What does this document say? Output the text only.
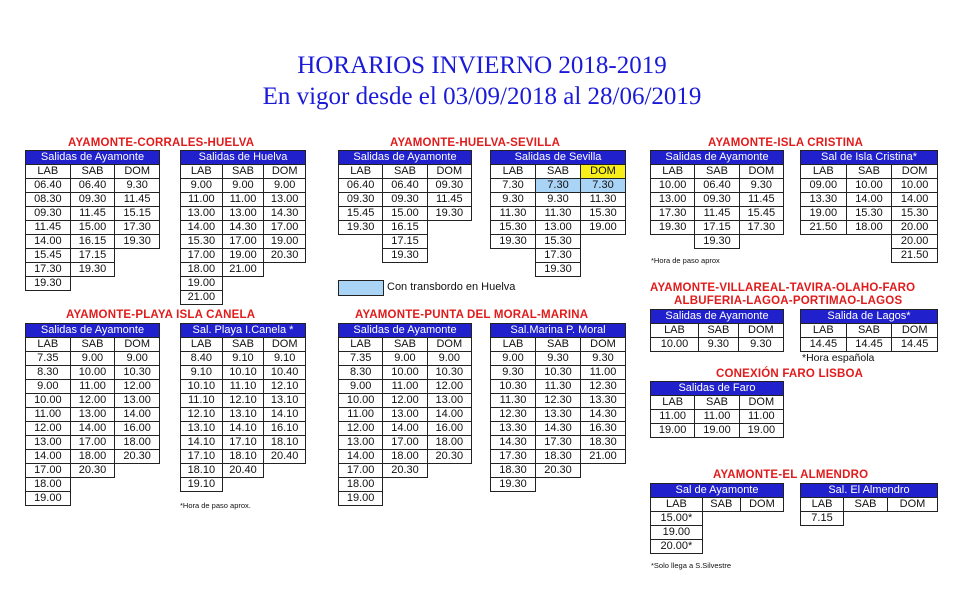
HORARIOS INVIERNO 2018-2019
En vigor desde el 03/09/2018 al 28/06/2019
AYAMONTE-CORRALES-HUELVA	AYAMONTE-HUELVA-SEVILLA	AYAMONTE-ISLA CRISTINA
AYAMONTE-PLAYA ISLA CANELA	AYAMONTE-PUNTA DEL MORAL-MARINA
AYAMONTE-VILLAREAL-TAVIRA-OLAHO-FARO
ALBUFERIA-LAGOA-PORTIMAO-LAGOS
CONEXIÓN FARO LISBOA
AYAMONTE-EL ALMENDRO
Salidas de Ayamonte		
LAB	SAB	DOM
06.40	06.40	9.30
08.30	09.30	11.45
09.30	11.45	15.15
11.45	15.00	17.30
14.00	16.15	19.30
15.45	17.15	
17.30	19.30	
19.30		
Salidas de Huelva		
LAB	SAB	DOM
9.00	9.00	9.00
11.00	11.00	13.00
13.00	13.00	14.30
14.00	14.30	17.00
15.30	17.00	19.00
17.00	19.00	20.30
18.00	21.00	
19.00		
21.00		
Salidas de Ayamonte		
LAB	SAB	DOM
06.40	06.40	09.30
09.30	09.30	11.45
15.45	15.00	19.30
19.30	16.15	
	17.15	
	19.30	
Salidas de Sevilla		
LAB	SAB	DOM
7.30	7.30	7.30
9.30	9.30	11.30
11.30	11.30	15.30
15.30	13.00	19.00
19.30	15.30	
	17.30	
	19.30	
Salidas de Ayamonte		
LAB	SAB	DOM
10.00	06.40	9.30
13.00	09.30	11.45
17.30	11.45	15.45
19.30	17.15	17.30
	19.30	
Sal de Isla Cristina*		
LAB	SAB	DOM
09.00	10.00	10.00
13.30	14.00	14.00
19.00	15.30	15.30
21.50	18.00	20.00
		20.00
		21.50
Salidas de Ayamonte		
LAB	SAB	DOM
7.35	9.00	9.00
8.30	10.00	10.30
9.00	11.00	12.00
10.00	12.00	13.00
11.00	13.00	14.00
12.00	14.00	16.00
13.00	17.00	18.00
14.00	18.00	20.30
17.00	20.30	
18.00		
19.00		
Sal. Playa I.Canela *		
LAB	SAB	DOM
8.40	9.10	9.10
9.10	10.10	10.40
10.10	11.10	12.10
11.10	12.10	13.10
12.10	13.10	14.10
13.10	14.10	16.10
14.10	17.10	18.10
17.10	18.10	20.40
18.10	20.40	
19.10		
Salidas de Ayamonte		
LAB	SAB	DOM
7.35	9.00	9.00
8.30	10.00	10.30
9.00	11.00	12.00
10.00	12.00	13.00
11.00	13.00	14.00
12.00	14.00	16.00
13.00	17.00	18.00
14.00	18.00	20.30
17.00	20.30	
18.00		
19.00		
Sal.Marina P. Moral		
LAB	SAB	DOM
9.00	9.30	9.30
9.30	10.30	11.00
10.30	11.30	12.30
11.30	12.30	13.30
12.30	13.30	14.30
13.30	14.30	16.30
14.30	17.30	18.30
17.30	18.30	21.00
18.30	20.30	
19.30		
Salidas de Ayamonte		
LAB	SAB	DOM
10.00	9.30	9.30
Salida de Lagos*		
LAB	SAB	DOM
14.45	14.45	14.45
Salidas de Faro		
LAB	SAB	DOM
11.00	11.00	11.00
19.00	19.00	19.00
Sal de Ayamonte		
LAB	SAB	DOM
15.00*		
19.00		
20.00*		
Sal. El Almendro		
LAB	SAB	DOM
7.15		
Con transbordo en Huelva
*Hora de paso aprox
*Hora de paso aprox.
*Hora española
*Solo llega a S.Silvestre
